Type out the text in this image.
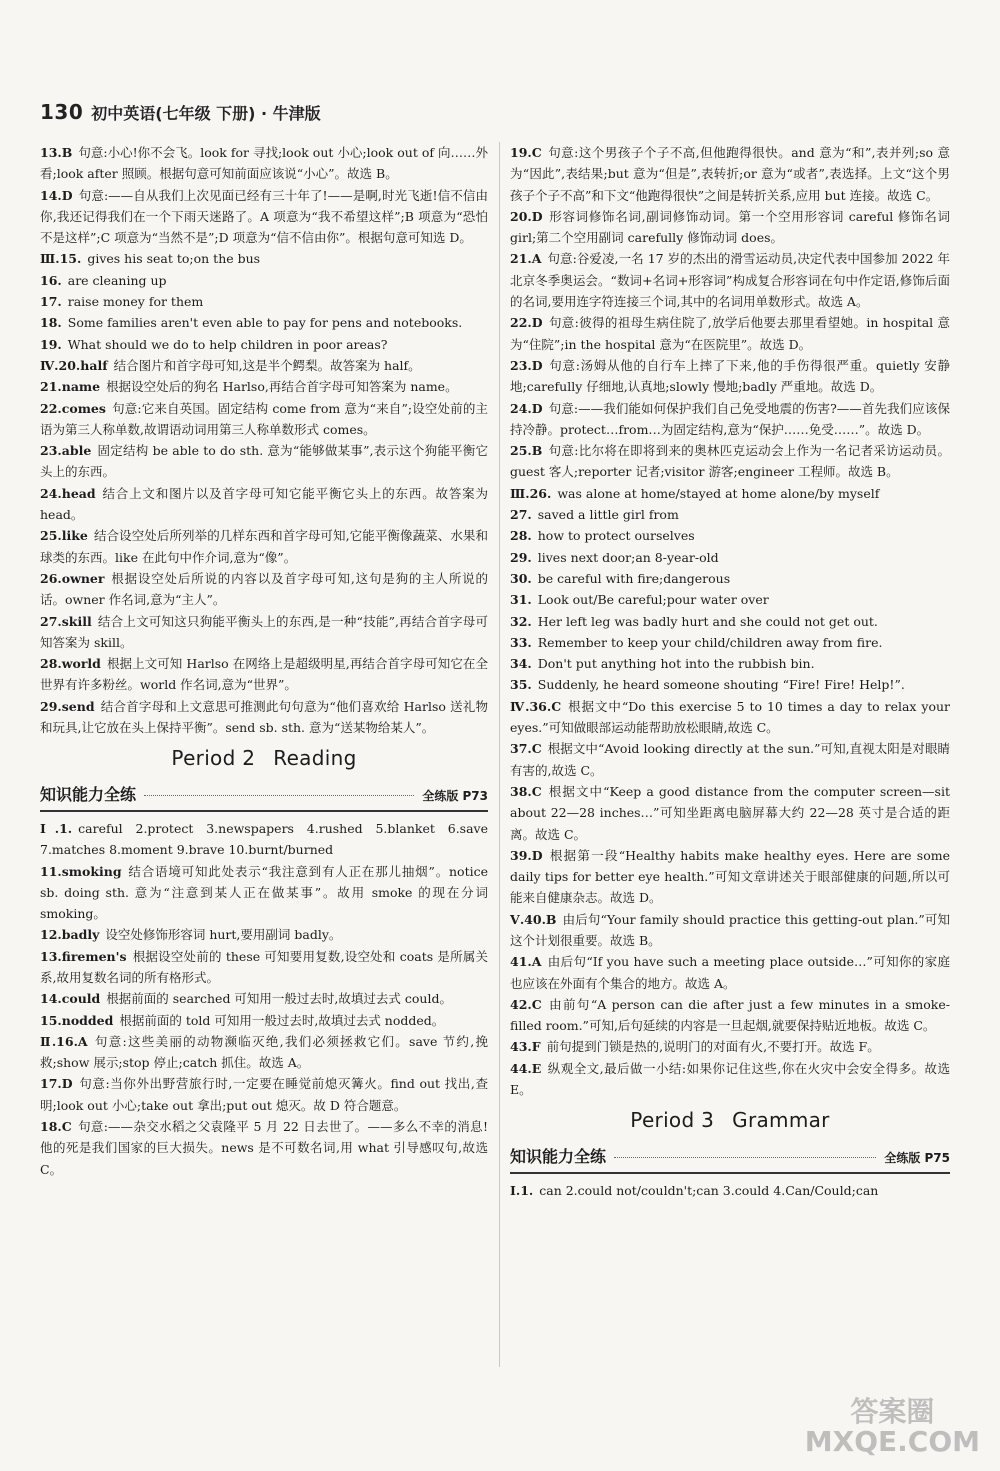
130 初中英语(七年级 下册) · 牛津版
13.B 句意:小心!你不会飞。look for 寻找;look out 小心;look out of 向……外看;look after 照顾。根据句意可知前面应该说“小心”。故选 B。
14.D 句意:——自从我们上次见面已经有三十年了!——是啊,时光飞逝!信不信由你,我还记得我们在一个下雨天迷路了。A 项意为“我不希望这样”;B 项意为“恐怕不是这样”;C 项意为“当然不是”;D 项意为“信不信由你”。根据句意可知选 D。
Ⅲ.15. gives his seat to;on the bus
16. are cleaning up
17. raise money for them
18. Some families aren't even able to pay for pens and notebooks.
19. What should we do to help children in poor areas?
Ⅳ.20.half 结合图片和首字母可知,这是半个鳄梨。故答案为 half。
21.name 根据设空处后的狗名 Harlso,再结合首字母可知答案为 name。
22.comes 句意:它来自英国。固定结构 come from 意为“来自”;设空处前的主语为第三人称单数,故谓语动词用第三人称单数形式 comes。
23.able 固定结构 be able to do sth. 意为“能够做某事”,表示这个狗能平衡它头上的东西。
24.head 结合上文和图片以及首字母可知它能平衡它头上的东西。故答案为 head。
25.like 结合设空处后所列举的几样东西和首字母可知,它能平衡像蔬菜、水果和球类的东西。like 在此句中作介词,意为“像”。
26.owner 根据设空处后所说的内容以及首字母可知,这句是狗的主人所说的话。owner 作名词,意为“主人”。
27.skill 结合上文可知这只狗能平衡头上的东西,是一种“技能”,再结合首字母可知答案为 skill。
28.world 根据上文可知 Harlso 在网络上是超级明星,再结合首字母可知它在全世界有许多粉丝。world 作名词,意为“世界”。
29.send 结合首字母和上文意思可推测此句句意为“他们喜欢给 Harlso 送礼物和玩具,让它放在头上保持平衡”。send sb. sth. 意为“送某物给某人”。
Period 2 Reading
知识能力全练	全练版 P73
Ⅰ.1. careful 2.protect 3.newspapers 4.rushed 5.blanket 6.save 7.matches 8.moment 9.brave 10.burnt/burned
11.smoking 结合语境可知此处表示“我注意到有人正在那儿抽烟”。notice sb. doing sth. 意为“注意到某人正在做某事”。故用 smoke 的现在分词 smoking。
12.badly 设空处修饰形容词 hurt,要用副词 badly。
13.firemen's 根据设空处前的 these 可知要用复数,设空处和 coats 是所属关系,故用复数名词的所有格形式。
14.could 根据前面的 searched 可知用一般过去时,故填过去式 could。
15.nodded 根据前面的 told 可知用一般过去时,故填过去式 nodded。
Ⅱ.16.A 句意:这些美丽的动物濒临灭绝,我们必须拯救它们。save 节约,挽救;show 展示;stop 停止;catch 抓住。故选 A。
17.D 句意:当你外出野营旅行时,一定要在睡觉前熄灭篝火。find out 找出,查明;look out 小心;take out 拿出;put out 熄灭。故 D 符合题意。
18.C 句意:——杂交水稻之父袁隆平 5 月 22 日去世了。——多么不幸的消息!他的死是我们国家的巨大损失。news 是不可数名词,用 what 引导感叹句,故选 C。
19.C 句意:这个男孩子个子不高,但他跑得很快。and 意为“和”,表并列;so 意为“因此”,表结果;but 意为“但是”,表转折;or 意为“或者”,表选择。上文“这个男孩子个子不高”和下文“他跑得很快”之间是转折关系,应用 but 连接。故选 C。
20.D 形容词修饰名词,副词修饰动词。第一个空用形容词 careful 修饰名词 girl;第二个空用副词 carefully 修饰动词 does。
21.A 句意:谷爱凌,一名 17 岁的杰出的滑雪运动员,决定代表中国参加 2022 年北京冬季奥运会。“数词+名词+形容词”构成复合形容词在句中作定语,修饰后面的名词,要用连字符连接三个词,其中的名词用单数形式。故选 A。
22.D 句意:彼得的祖母生病住院了,放学后他要去那里看望她。in hospital 意为“住院”;in the hospital 意为“在医院里”。故选 D。
23.D 句意:汤姆从他的自行车上摔了下来,他的手伤得很严重。quietly 安静地;carefully 仔细地,认真地;slowly 慢地;badly 严重地。故选 D。
24.D 句意:——我们能如何保护我们自己免受地震的伤害?——首先我们应该保持冷静。protect…from…为固定结构,意为“保护……免受……”。故选 D。
25.B 句意:比尔将在即将到来的奥林匹克运动会上作为一名记者采访运动员。guest 客人;reporter 记者;visitor 游客;engineer 工程师。故选 B。
Ⅲ.26. was alone at home/stayed at home alone/by myself
27. saved a little girl from
28. how to protect ourselves
29. lives next door;an 8-year-old
30. be careful with fire;dangerous
31. Look out/Be careful;pour water over
32. Her left leg was badly hurt and she could not get out.
33. Remember to keep your child/children away from fire.
34. Don't put anything hot into the rubbish bin.
35. Suddenly, he heard someone shouting “Fire! Fire! Help!”.
Ⅳ.36.C 根据文中“Do this exercise 5 to 10 times a day to relax your eyes.”可知做眼部运动能帮助放松眼睛,故选 C。
37.C 根据文中“Avoid looking directly at the sun.”可知,直视太阳是对眼睛有害的,故选 C。
38.C 根据文中“Keep a good distance from the computer screen—sit about 22—28 inches…”可知坐距离电脑屏幕大约 22—28 英寸是合适的距离。故选 C。
39.D 根据第一段“Healthy habits make healthy eyes. Here are some daily tips for better eye health.”可知文章讲述关于眼部健康的问题,所以可能来自健康杂志。故选 D。
Ⅴ.40.B 由后句“Your family should practice this getting-out plan.”可知这个计划很重要。故选 B。
41.A 由后句“If you have such a meeting place outside…”可知你的家庭也应该在外面有个集合的地方。故选 A。
42.C 由前句“A person can die after just a few minutes in a smoke-filled room.”可知,后句延续的内容是一旦起烟,就要保持贴近地板。故选 C。
43.F 前句提到门锁是热的,说明门的对面有火,不要打开。故选 F。
44.E 纵观全文,最后做一小结:如果你记住这些,你在火灾中会安全得多。故选 E。
Period 3 Grammar
知识能力全练	全练版 P75
Ⅰ.1. can 2.could not/couldn't;can 3.could 4.Can/Could;can
答案圈
MXQE.COM
